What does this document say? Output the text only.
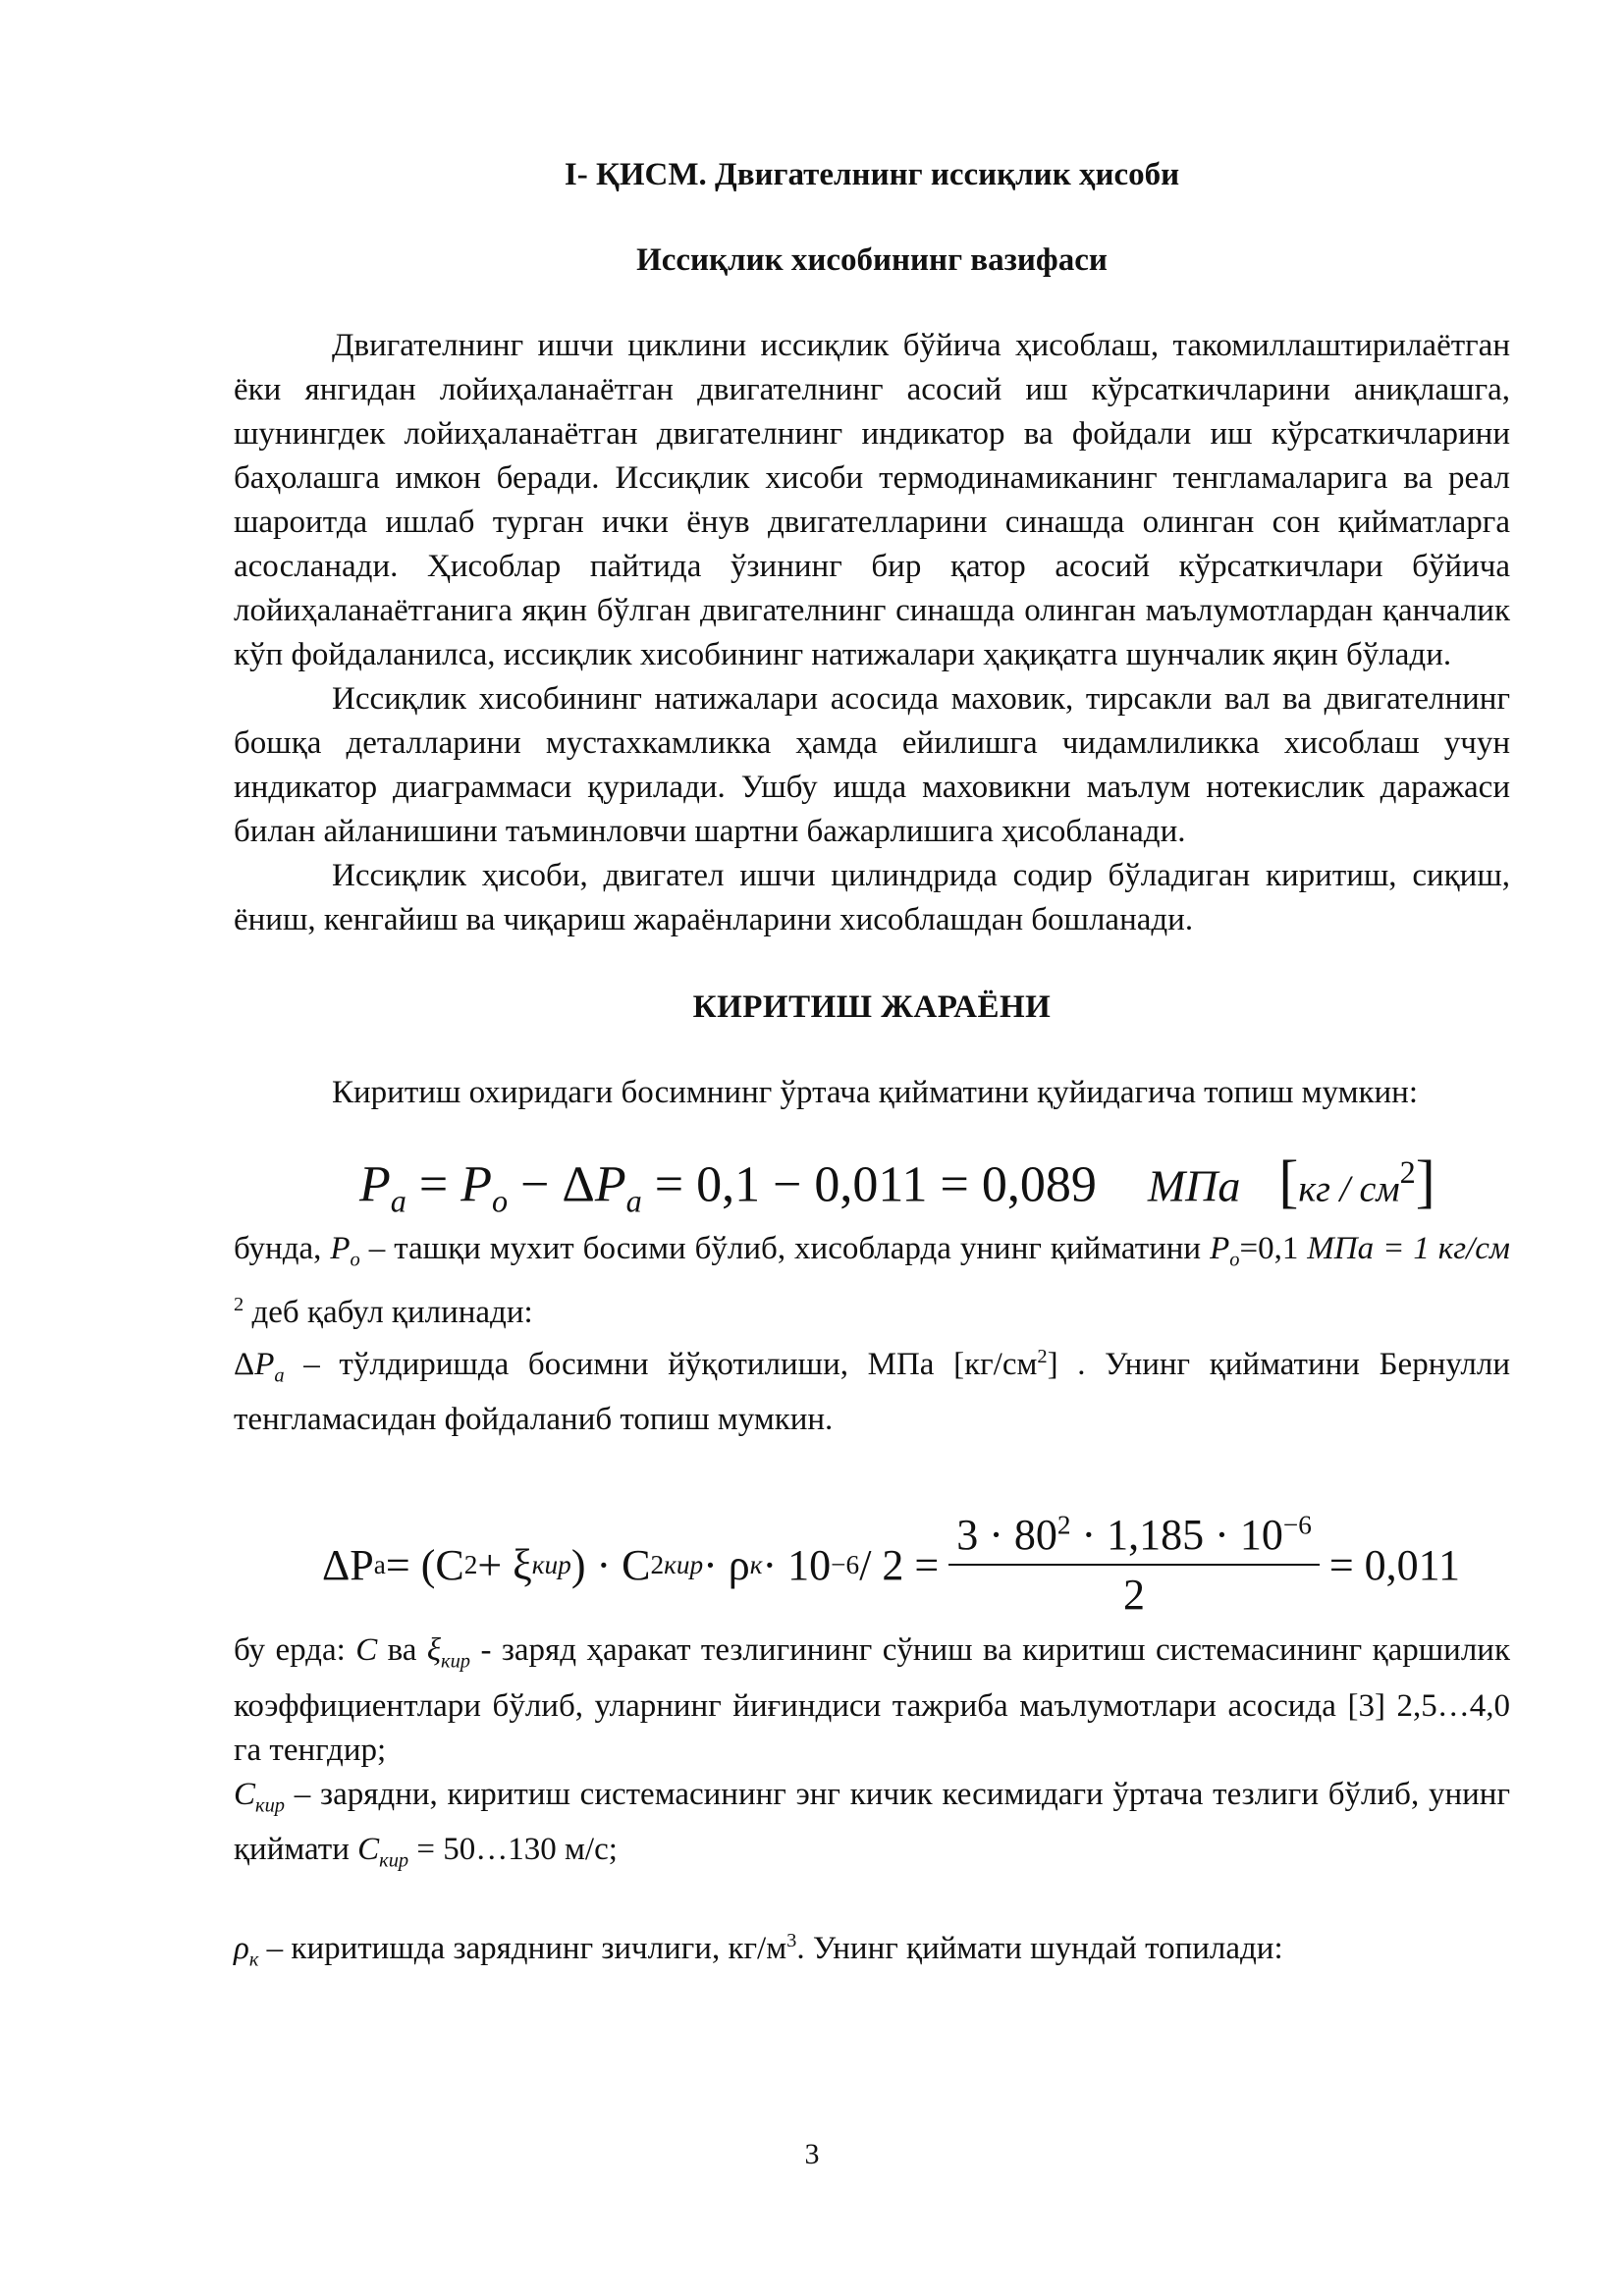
I- ҚИСМ. Двигателнинг иссиқлик ҳисоби
Иссиқлик хисобининг вазифаси

Двигателнинг ишчи циклини иссиқлик бўйича ҳисоблаш, такомиллаштирилаётган ёки янгидан лойиҳаланаётган двигателнинг асосий иш кўрсаткичларини аниқлашга, шунингдек лойиҳаланаётган двигателнинг индикатор ва фойдали иш кўрсаткичларини баҳолашга имкон беради. Иссиқлик хисоби термодинамиканинг тенгламаларига ва реал шароитда ишлаб турган ички ёнув двигателларини синашда олинган сон қийматларга асосланади. Ҳисоблар пайтида ўзининг бир қатор асосий кўрсаткичлари бўйича лойиҳаланаётганига яқин бўлган двигателнинг синашда олинган маълумотлардан қанчалик кўп фойдаланилса, иссиқлик хисобининг натижалари ҳақиқатга шунчалик яқин бўлади.

Иссиқлик хисобининг натижалари асосида маховик, тирсакли вал ва двигателнинг бошқа деталларини мустахкамликка ҳамда ейилишга чидамлиликка хисоблаш учун индикатор диаграммаси қурилади. Ушбу ишда маховикни маълум нотекислик даражаси билан айланишини таъминловчи шартни бажарлишига ҳисобланади.

Иссиқлик ҳисоби, двигател ишчи цилиндрида содир бўладиган киритиш, сиқиш, ёниш, кенгайиш ва чиқариш жараёнларини хисоблашдан бошланади.

КИРИТИШ ЖАРАЁНИ

Киритиш охиридаги босимнинг ўртача қийматини қуйидагича топиш мумкин:

$P_а = P_о - \Delta P_а = 0,1 - 0,011 = 0,089$ МПа $[кг / см^2]$

бунда, $P_о$ – ташқи мухит босими бўлиб, хисобларда унинг қийматини $P_о=0,1$ МПа = 1 кг/см $^2$ деб қабул қилинади:

$\Delta P_а$ – тўлдиришда босимни йўқотилиши, МПа $[кг/см^2]$ . Унинг қийматини Бернулли тенгламасидан фойдаланиб топиш мумкин.

ΔP а = (C 2 + ξ кир ) · C 2 кир · ρ $к \cdot 10 -6 / 2 = \frac{3 \cdot 80^2 \cdot 1,185 \cdot 10^{-6}}{2} = 0,011$

бу ерда: C ва $\xi_{кир}$ - заряд ҳаракат тезлигининг сўниш ва киритиш системасининг қаршилик коэффициентлари бўлиб, уларнинг йиғиндиси тажриба маълумотлари асосида [3] 2,5…4,0 га тенгдир;

$C_{кир}$ – зарядни, киритиш системасининг энг кичик кесимидаги ўртача тезлиги бўлиб, унинг қиймати $C_{кир}$ = 50…130 м/с;

$\rho_к$ – киритишда заряднинг зичлиги, $кг/м^3$. Унинг қиймати шундай топилади:

3
